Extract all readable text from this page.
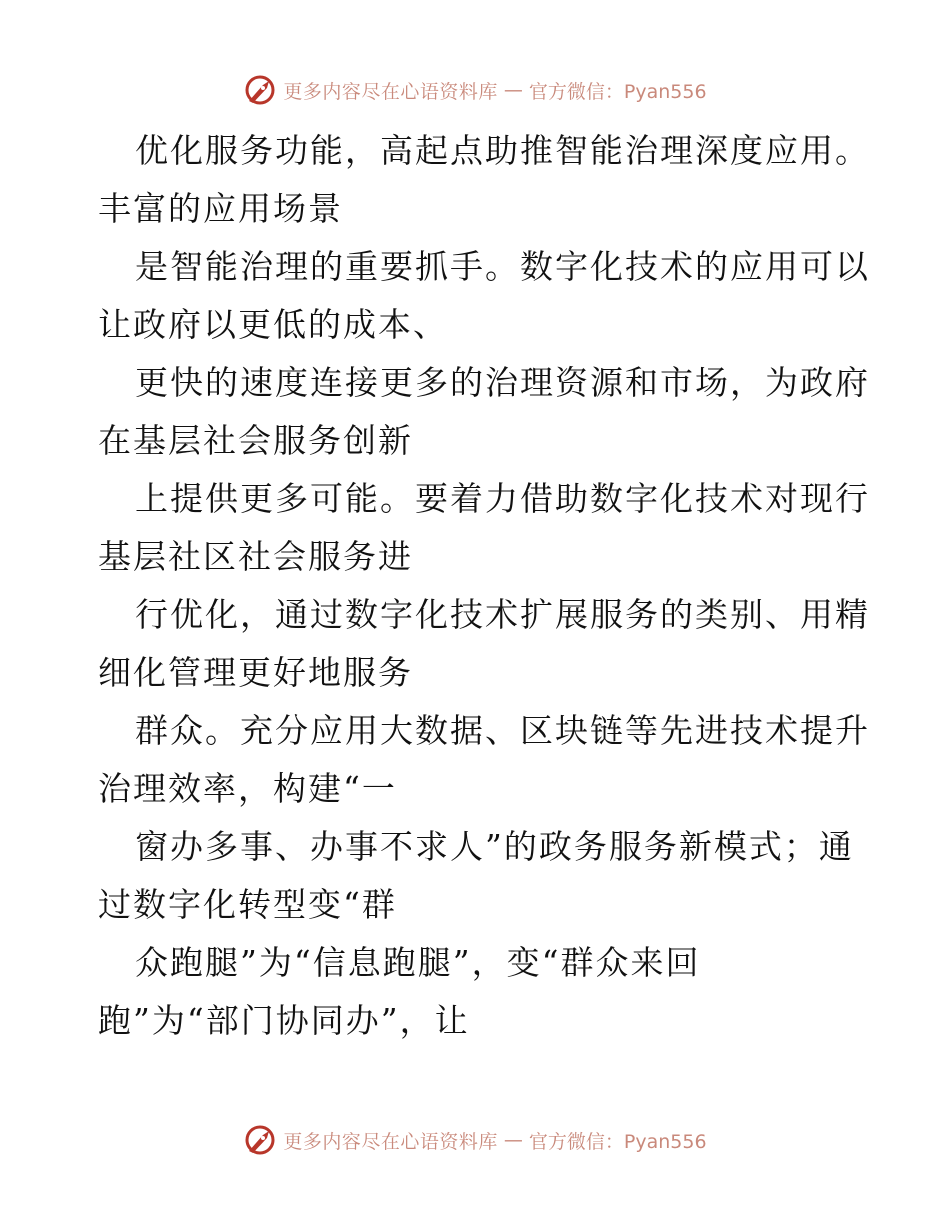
更多内容尽在心语资料库 — 官方微信：Pyan556
优化服务功能，高起点助推智能治理深度应用。
丰富的应用场景
是智能治理的重要抓手。数字化技术的应用可以
让政府以更低的成本、
更快的速度连接更多的治理资源和市场，为政府
在基层社会服务创新
上提供更多可能。要着力借助数字化技术对现行
基层社区社会服务进
行优化，通过数字化技术扩展服务的类别、用精
细化管理更好地服务
群众。充分应用大数据、区块链等先进技术提升
治理效率，构建“一
窗办多事、办事不求人”的政务服务新模式；通
过数字化转型变“群
众跑腿”为“信息跑腿”，变“群众来回
跑”为“部门协同办”，让
更多内容尽在心语资料库 — 官方微信：Pyan556
